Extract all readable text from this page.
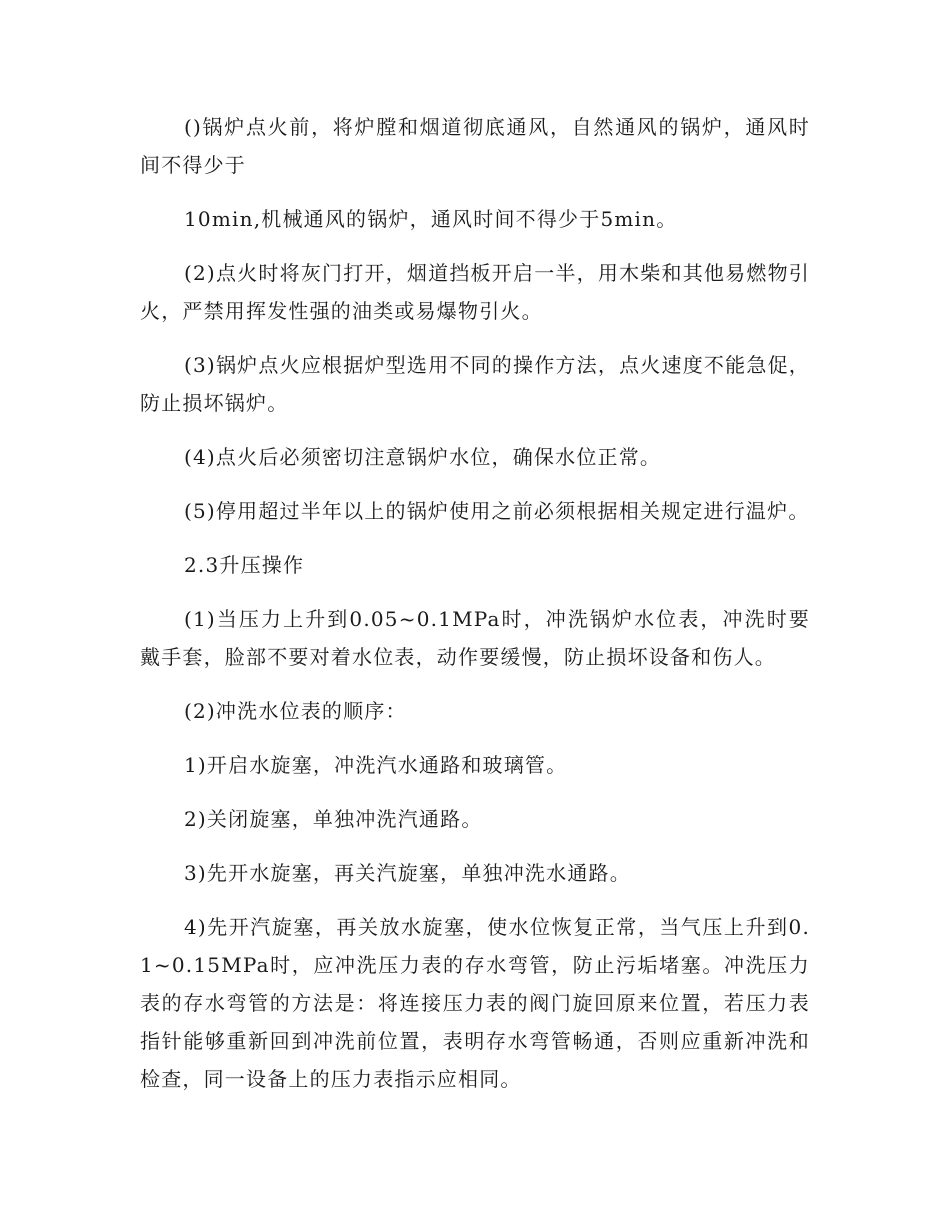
()锅炉点火前，将炉膛和烟道彻底通风，自然通风的锅炉，通风时间不得少于

10min,机械通风的锅炉，通风时间不得少于5min。

(2)点火时将灰门打开，烟道挡板开启一半，用木柴和其他易燃物引火，严禁用挥发性强的油类或易爆物引火。

(3)锅炉点火应根据炉型选用不同的操作方法，点火速度不能急促，防止损坏锅炉。

(4)点火后必须密切注意锅炉水位，确保水位正常。

(5)停用超过半年以上的锅炉使用之前必须根据相关规定进行温炉。

2.3升压操作

(1)当压力上升到0.05~0.1MPa时，冲洗锅炉水位表，冲洗时要戴手套，脸部不要对着水位表，动作要缓慢，防止损坏设备和伤人。

(2)冲洗水位表的顺序：

1)开启水旋塞，冲洗汽水通路和玻璃管。

2)关闭旋塞，单独冲洗汽通路。

3)先开水旋塞，再关汽旋塞，单独冲洗水通路。

4)先开汽旋塞，再关放水旋塞，使水位恢复正常，当气压上升到0.1~0.15MPa时，应冲洗压力表的存水弯管，防止污垢堵塞。冲洗压力表的存水弯管的方法是：将连接压力表的阀门旋回原来位置，若压力表指针能够重新回到冲洗前位置，表明存水弯管畅通，否则应重新冲洗和检查，同一设备上的压力表指示应相同。
